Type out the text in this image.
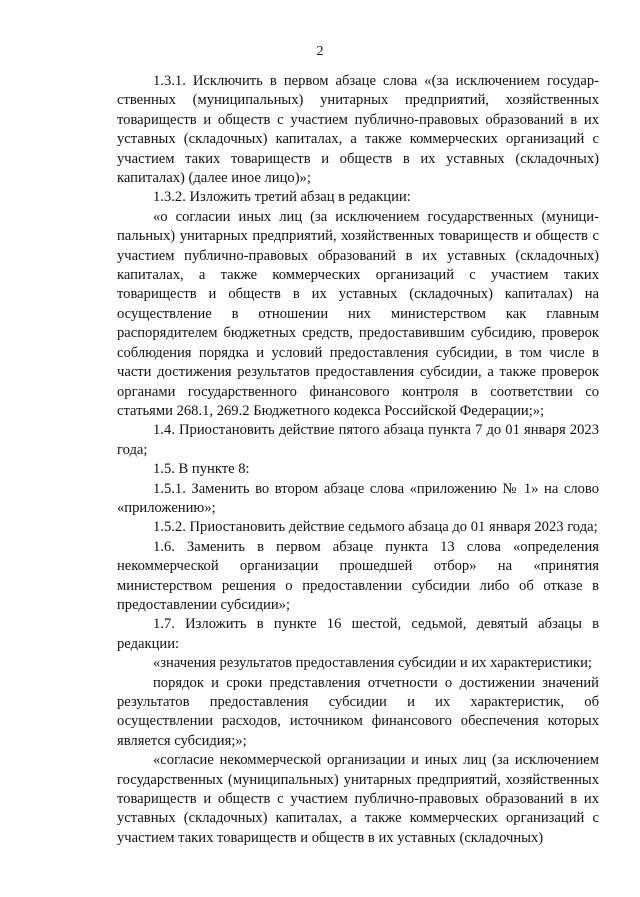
2

1.3.1. Исключить в первом абзаце слова «(за исключением государственных (муниципальных) унитарных предприятий, хозяйственных товариществ и обществ с участием публично-правовых образований в их уставных (складочных) капиталах, а также коммерческих организаций с участием таких товариществ и обществ в их уставных (складочных) капиталах) (далее иное лицо)»;

1.3.2. Изложить третий абзац в редакции:

«о согласии иных лиц (за исключением государственных (муниципальных) унитарных предприятий, хозяйственных товариществ и обществ с участием публично-правовых образований в их уставных (складочных) капиталах, а также коммерческих организаций с участием таких товариществ и обществ в их уставных (складочных) капиталах) на осуществление в отношении них министерством как главным распорядителем бюджетных средств, предоставившим субсидию, проверок соблюдения порядка и условий предоставления субсидии, в том числе в части достижения результатов предоставления субсидии, а также проверок органами государственного финансового контроля в соответствии со статьями 268.1, 269.2 Бюджетного кодекса Российской Федерации;»;

1.4. Приостановить действие пятого абзаца пункта 7 до 01 января 2023 года;

1.5. В пункте 8:

1.5.1. Заменить во втором абзаце слова «приложению № 1» на слово «приложению»;

1.5.2. Приостановить действие седьмого абзаца до 01 января 2023 года;

1.6. Заменить в первом абзаце пункта 13 слова «определения некоммерческой организации прошедшей отбор» на «принятия министерством решения о предоставлении субсидии либо об отказе в предоставлении субсидии»;

1.7. Изложить в пункте 16 шестой, седьмой, девятый абзацы в редакции:

«значения результатов предоставления субсидии и их характеристики;

порядок и сроки представления отчетности о достижении значений результатов предоставления субсидии и их характеристик, об осуществлении расходов, источником финансового обеспечения которых является субсидия;»;

«согласие некоммерческой организации и иных лиц (за исключением государственных (муниципальных) унитарных предприятий, хозяйственных товариществ и обществ с участием публично-правовых образований в их уставных (складочных) капиталах, а также коммерческих организаций с участием таких товариществ и обществ в их уставных (складочных)
